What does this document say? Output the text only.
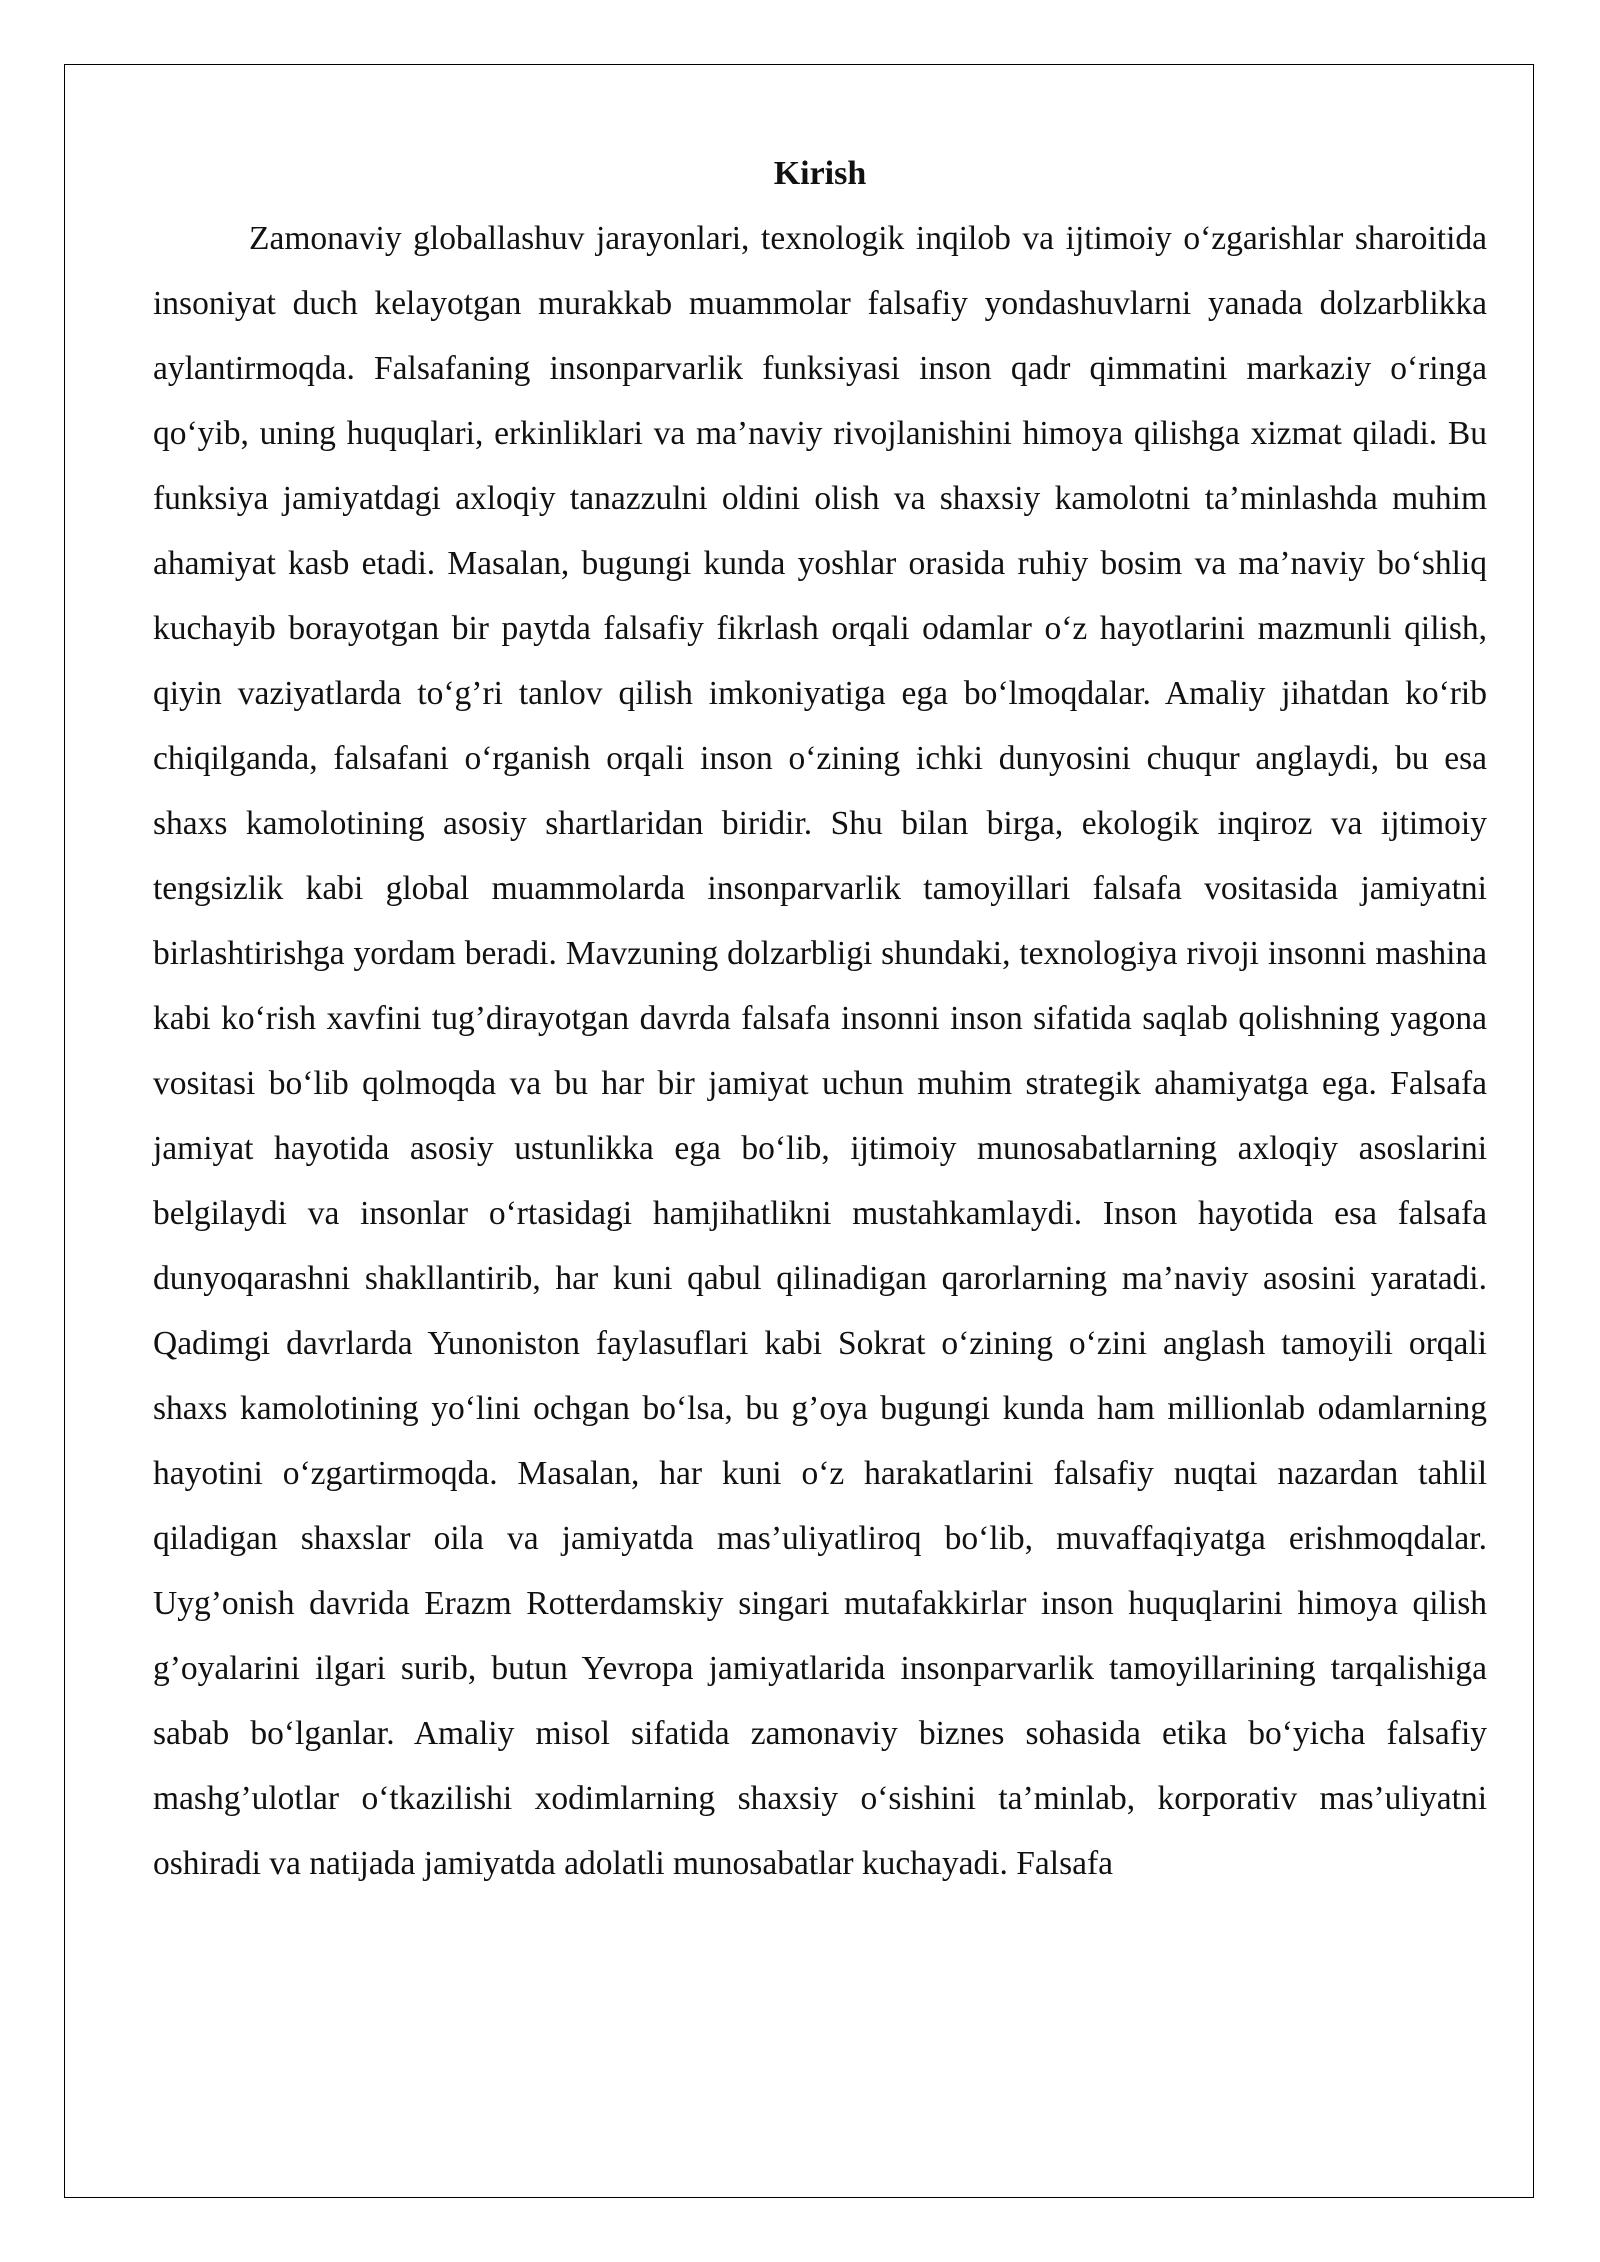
Kirish

Zamonaviy globallashuv jarayonlari, texnologik inqilob va ijtimoiy o‘zgarishlar sharoitida insoniyat duch kelayotgan murakkab muammolar falsafiy yondashuvlarni yanada dolzarblikka aylantirmoqda. Falsafaning insonparvarlik funksiyasi inson qadr qimmatini markaziy o‘ringa qo‘yib, uning huquqlari, erkinliklari va ma’naviy rivojlanishini himoya qilishga xizmat qiladi. Bu funksiya jamiyatdagi axloqiy tanazzulni oldini olish va shaxsiy kamolotni ta’minlashda muhim ahamiyat kasb etadi. Masalan, bugungi kunda yoshlar orasida ruhiy bosim va ma’naviy bo‘shliq kuchayib borayotgan bir paytda falsafiy fikrlash orqali odamlar o‘z hayotlarini mazmunli qilish, qiyin vaziyatlarda to‘g’ri tanlov qilish imkoniyatiga ega bo‘lmoqdalar. Amaliy jihatdan ko‘rib chiqilganda, falsafani o‘rganish orqali inson o‘zining ichki dunyosini chuqur anglaydi, bu esa shaxs kamolotining asosiy shartlaridan biridir. Shu bilan birga, ekologik inqiroz va ijtimoiy tengsizlik kabi global muammolarda insonparvarlik tamoyillari falsafa vositasida jamiyatni birlashtirishga yordam beradi. Mavzuning dolzarbligi shundaki, texnologiya rivoji insonni mashina kabi ko‘rish xavfini tug’dirayotgan davrda falsafa insonni inson sifatida saqlab qolishning yagona vositasi bo‘lib qolmoqda va bu har bir jamiyat uchun muhim strategik ahamiyatga ega. Falsafa jamiyat hayotida asosiy ustunlikka ega bo‘lib, ijtimoiy munosabatlarning axloqiy asoslarini belgilaydi va insonlar o‘rtasidagi hamjihatlikni mustahkamlaydi. Inson hayotida esa falsafa dunyoqarashni shakllantirib, har kuni qabul qilinadigan qarorlarning ma’naviy asosini yaratadi. Qadimgi davrlarda Yunoniston faylasuflari kabi Sokrat o‘zining o‘zini anglash tamoyili orqali shaxs kamolotining yo‘lini ochgan bo‘lsa, bu g’oya bugungi kunda ham millionlab odamlarning hayotini o‘zgartirmoqda. Masalan, har kuni o‘z harakatlarini falsafiy nuqtai nazardan tahlil qiladigan shaxslar oila va jamiyatda mas’uliyatliroq bo‘lib, muvaffaqiyatga erishmoqdalar. Uyg’onish davrida Erazm Rotterdamskiy singari mutafakkirlar inson huquqlarini himoya qilish g’oyalarini ilgari surib, butun Yevropa jamiyatlarida insonparvarlik tamoyillarining tarqalishiga sabab bo‘lganlar. Amaliy misol sifatida zamonaviy biznes sohasida etika bo‘yicha falsafiy mashg’ulotlar o‘tkazilishi xodimlarning shaxsiy o‘sishini ta’minlab, korporativ mas’uliyatni oshiradi va natijada jamiyatda adolatli munosabatlar kuchayadi. Falsafa
